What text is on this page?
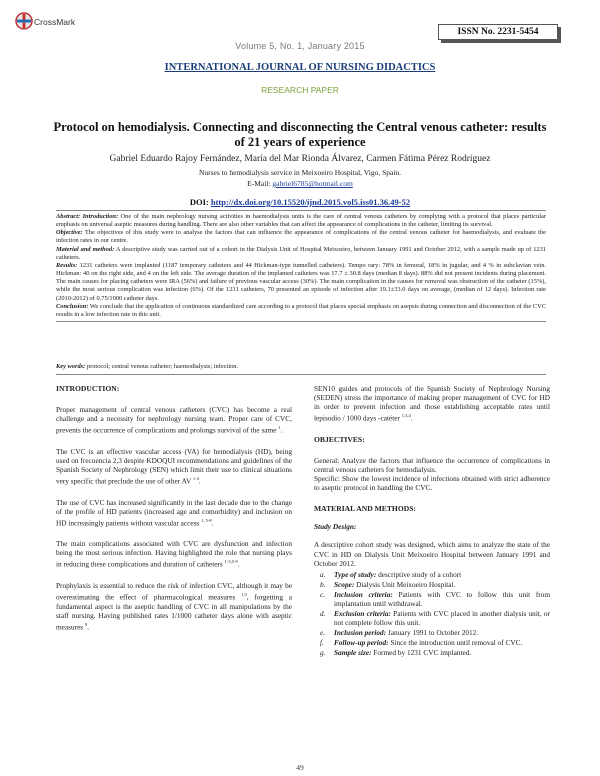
CrossMark
Volume 5, No. 1, January 2015
ISSN No. 2231-5454
INTERNATIONAL JOURNAL OF NURSING DIDACTICS
RESEARCH PAPER
Protocol on hemodialysis. Connecting and disconnecting the Central venous catheter: results of 21 years of experience
Gabriel Eduardo Rajoy Fernández, María del Mar Rionda Álvarez, Carmen Fátima Pérez Rodríguez
Nurses to hemodialysis service in Meixoeiro Hospital, Vigo, Spain.
E-Mail: gabriel6785@hotmail.com
DOI: http://dx.doi.org/10.15520/ijnd.2015.vol5.iss01.36.49-52

Abstract: Introduction: One of the main nephrology nursing activities in haemodialysis units is the care of central venous catheters by complying with a protocol that places particular emphasis on universal aseptic measures during handling. There are also other variables that can affect the appearance of complications in the catheter, limiting its survival.

Objective: The objectives of this study were to analyse the factors that can influence the appearance of complications of the central venous catheter for haemodialysis, and evaluate the infection rates in our centre.

Material and method: A descriptive study was carried out of a cohort in the Dialysis Unit of Hospital Meixoeiro, between January 1991 and October 2012, with a sample made up of 1231 catheters.

Results: 1231 catheters were implanted (1187 temporary catheters and 44 Hickman-type tunnelled catheters). Tempo rary: 78% in femoral, 18% in jugular, and 4 % in subclavian vein. Hickman: 40 on the right side, and 4 on the left side. The average duration of the implanted catheters was 17.7 ± 30.8 days (median 8 days). 88% did not present incidents during placement. The main causes for placing catheters were IRA (56%) and failure of previous vascular access (30%). The main complication in the causes for removal was obstruction of the catheter (15%), while the most serious complication was infection (6%). Of the 1231 catheters, 70 presented an episode of infection after 19.1±33.0 days on average, (median of 12 days). Infection rate (2010-2012) of 0.75/1000 catheter days.

Conclusion: We conclude that the application of continuous standardized care according to a protocol that places special emphasis on asepsis during connection and disconnection of the CVC results in a low infection rate in this unit.

Key words: protocol; central venous catheter; haemodialysis; infection.
INTRODUCTION:

Proper management of central venous catheters (CVC) has become a real challenge and a necessity for nephrology nursing team. Proper care of CVC, prevents the occurrence of complications and prolongs survival of the same $^1$.

The CVC is an effective vascular access (VA) for hemodialysis (HD), being used on frecuencia 2,3 despite KDOQUI recommendations and guidelines of the Spanish Society of Nephrology (SEN) which limit their use to clinical situations very specific that preclude the use of other AV $^{1-4}$.

The use of CVC has increased significantly in the last decade due to the change of the profile of HD patients (increased age and comorbidity) and inclusion on HD increasingly patients without vascular access $^{1, 5-8}$.

The main complications associated with CVC are dysfunction and infection being the most serious infection. Having highlighted the role that nursing plays in reducing these complications and duration of catheters $^{1-3,5-9}$.

Prophylaxis is essential to reduce the risk of infection CVC, although it may be overestimating the effect of pharmacological measures $^{1,9}$, forgetting a fundamental aspect is the aseptic handling of CVC in all manipulations by the staff nursing. Having published rates 1/1000 catheter days alone with aseptic measures $^9$.

SEN10 guides and protocols of the Spanish Society of Nephrology Nursing (SEDEN) stress the importance of making proper management of CVC for HD in order to prevent infection and those establishing acceptable rates until lepisodio / 1000 days -catéter $^{1,3,4}$.

OBJECTIVES:

General: Analyze the factors that influence the occurrence of complications in central venous catheters for hemodialysis.

Specific: Show the lowest incidence of infections obtained with strict adherence to aseptic protocol in handling the CVC.

MATERIAL AND METHODS:
Study Design:

A descriptive cohort study was designed, which aims to analyze the state of the CVC in HD on Dialysis Unit Meixoeiro Hospital between January 1991 and October 2012.

a. Type of study: descriptive study of a cohort
b. Scope: Dialysis Unit Meixoeiro Hospital.
c. Inclusion criteria: Patients with CVC to follow this unit from implantation until withdrawal.
d. Exclusion criteria: Patients with CVC placed in another dialysis unit, or not complete follow this unit.
e. Inclusion period: January 1991 to October 2012.
f. Follow-up period: Since the introduction until removal of CVC.
g. Sample size: Formed by 1231 CVC implanted.
49
